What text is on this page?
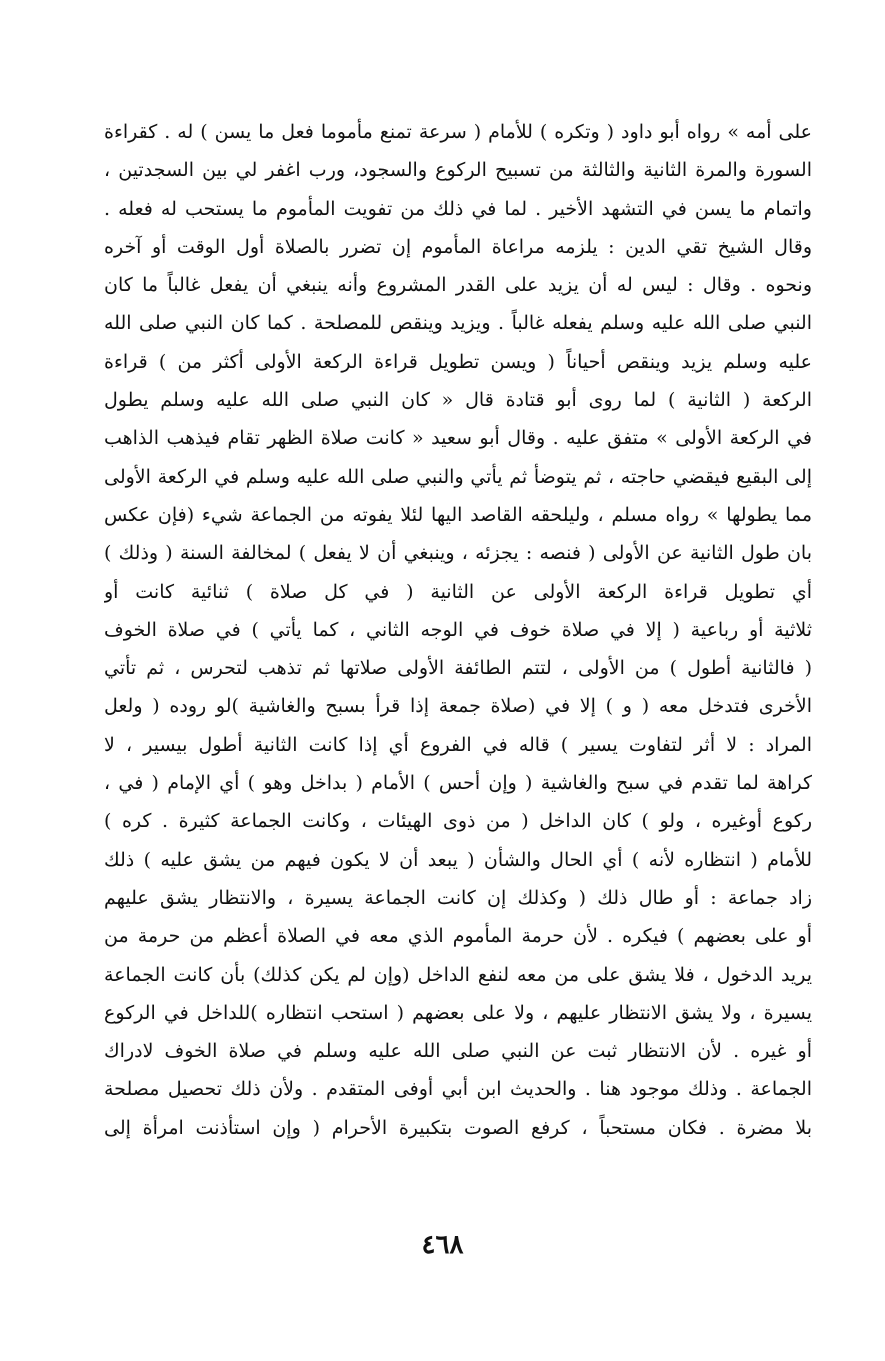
على أمه » رواه أبو داود ( وتكره ) للأمام ( سرعة تمنع مأموما فعل ما يسن ) له . كقراءة
السورة والمرة الثانية والثالثة من تسبيح الركوع والسجود، ورب اغفر لي بين السجدتين ،
واتمام ما يسن في التشهد الأخير . لما في ذلك من تفويت المأموم ما يستحب له فعله .
وقال الشيخ تقي الدين : يلزمه مراعاة المأموم إن تضرر بالصلاة أول الوقت أو آخره
ونحوه . وقال : ليس له أن يزيد على القدر المشروع وأنه ينبغي أن يفعل غالباً ما كان
النبي صلى الله عليه وسلم يفعله غالباً . ويزيد وينقص للمصلحة . كما كان النبي صلى الله
عليه وسلم يزيد وينقص أحياناً ( ويسن تطويل قراءة الركعة الأولى أكثر من ) قراءة
الركعة ( الثانية ) لما روى أبو قتادة قال « كان النبي صلى الله عليه وسلم يطول
في الركعة الأولى » متفق عليه . وقال أبو سعيد « كانت صلاة الظهر تقام فيذهب الذاهب
إلى البقيع فيقضي حاجته ، ثم يتوضأ ثم يأتي والنبي صلى الله عليه وسلم في الركعة الأولى
مما يطولها » رواه مسلم ، وليلحقه القاصد اليها لئلا يفوته من الجماعة شيء (فإن عكس
بان طول الثانية عن الأولى ( فنصه : يجزئه ، وينبغي أن لا يفعل ) لمخالفة السنة ( وذلك )
أي تطويل قراءة الركعة الأولى عن الثانية ( في كل صلاة ) ثنائية كانت أو
ثلاثية أو رباعية ( إلا في صلاة خوف في الوجه الثاني ، كما يأتي ) في صلاة الخوف
( فالثانية أطول ) من الأولى ، لتتم الطائفة الأولى صلاتها ثم تذهب لتحرس ، ثم تأتي
الأخرى فتدخل معه ( و ) إلا في (صلاة جمعة إذا قرأ بسبح والغاشية )لو روده ( ولعل
المراد : لا أثر لتفاوت يسير ) قاله في الفروع أي إذا كانت الثانية أطول بيسير ، لا
كراهة لما تقدم في سبح والغاشية ( وإن أحس ) الأمام ( بداخل وهو ) أي الإمام ( في ،
ركوع أوغيره ، ولو ) كان الداخل ( من ذوى الهيئات ، وكانت الجماعة كثيرة . كره )
للأمام ( انتظاره لأنه ) أي الحال والشأن ( يبعد أن لا يكون فيهم من يشق عليه ) ذلك
زاد جماعة : أو طال ذلك ( وكذلك إن كانت الجماعة يسيرة ، والانتظار يشق عليهم
أو على بعضهم ) فيكره . لأن حرمة المأموم الذي معه في الصلاة أعظم من حرمة من
يريد الدخول ، فلا يشق على من معه لنفع الداخل (وإن لم يكن كذلك) بأن كانت الجماعة
يسيرة ، ولا يشق الانتظار عليهم ، ولا على بعضهم ( استحب انتظاره )للداخل في الركوع
أو غيره . لأن الانتظار ثبت عن النبي صلى الله عليه وسلم في صلاة الخوف لادراك
الجماعة . وذلك موجود هنا . والحديث ابن أبي أوفى المتقدم . ولأن ذلك تحصيل مصلحة
بلا مضرة . فكان مستحباً ، كرفع الصوت بتكبيرة الأحرام ( وإن استأذنت امرأة إلى
٤٦٨
